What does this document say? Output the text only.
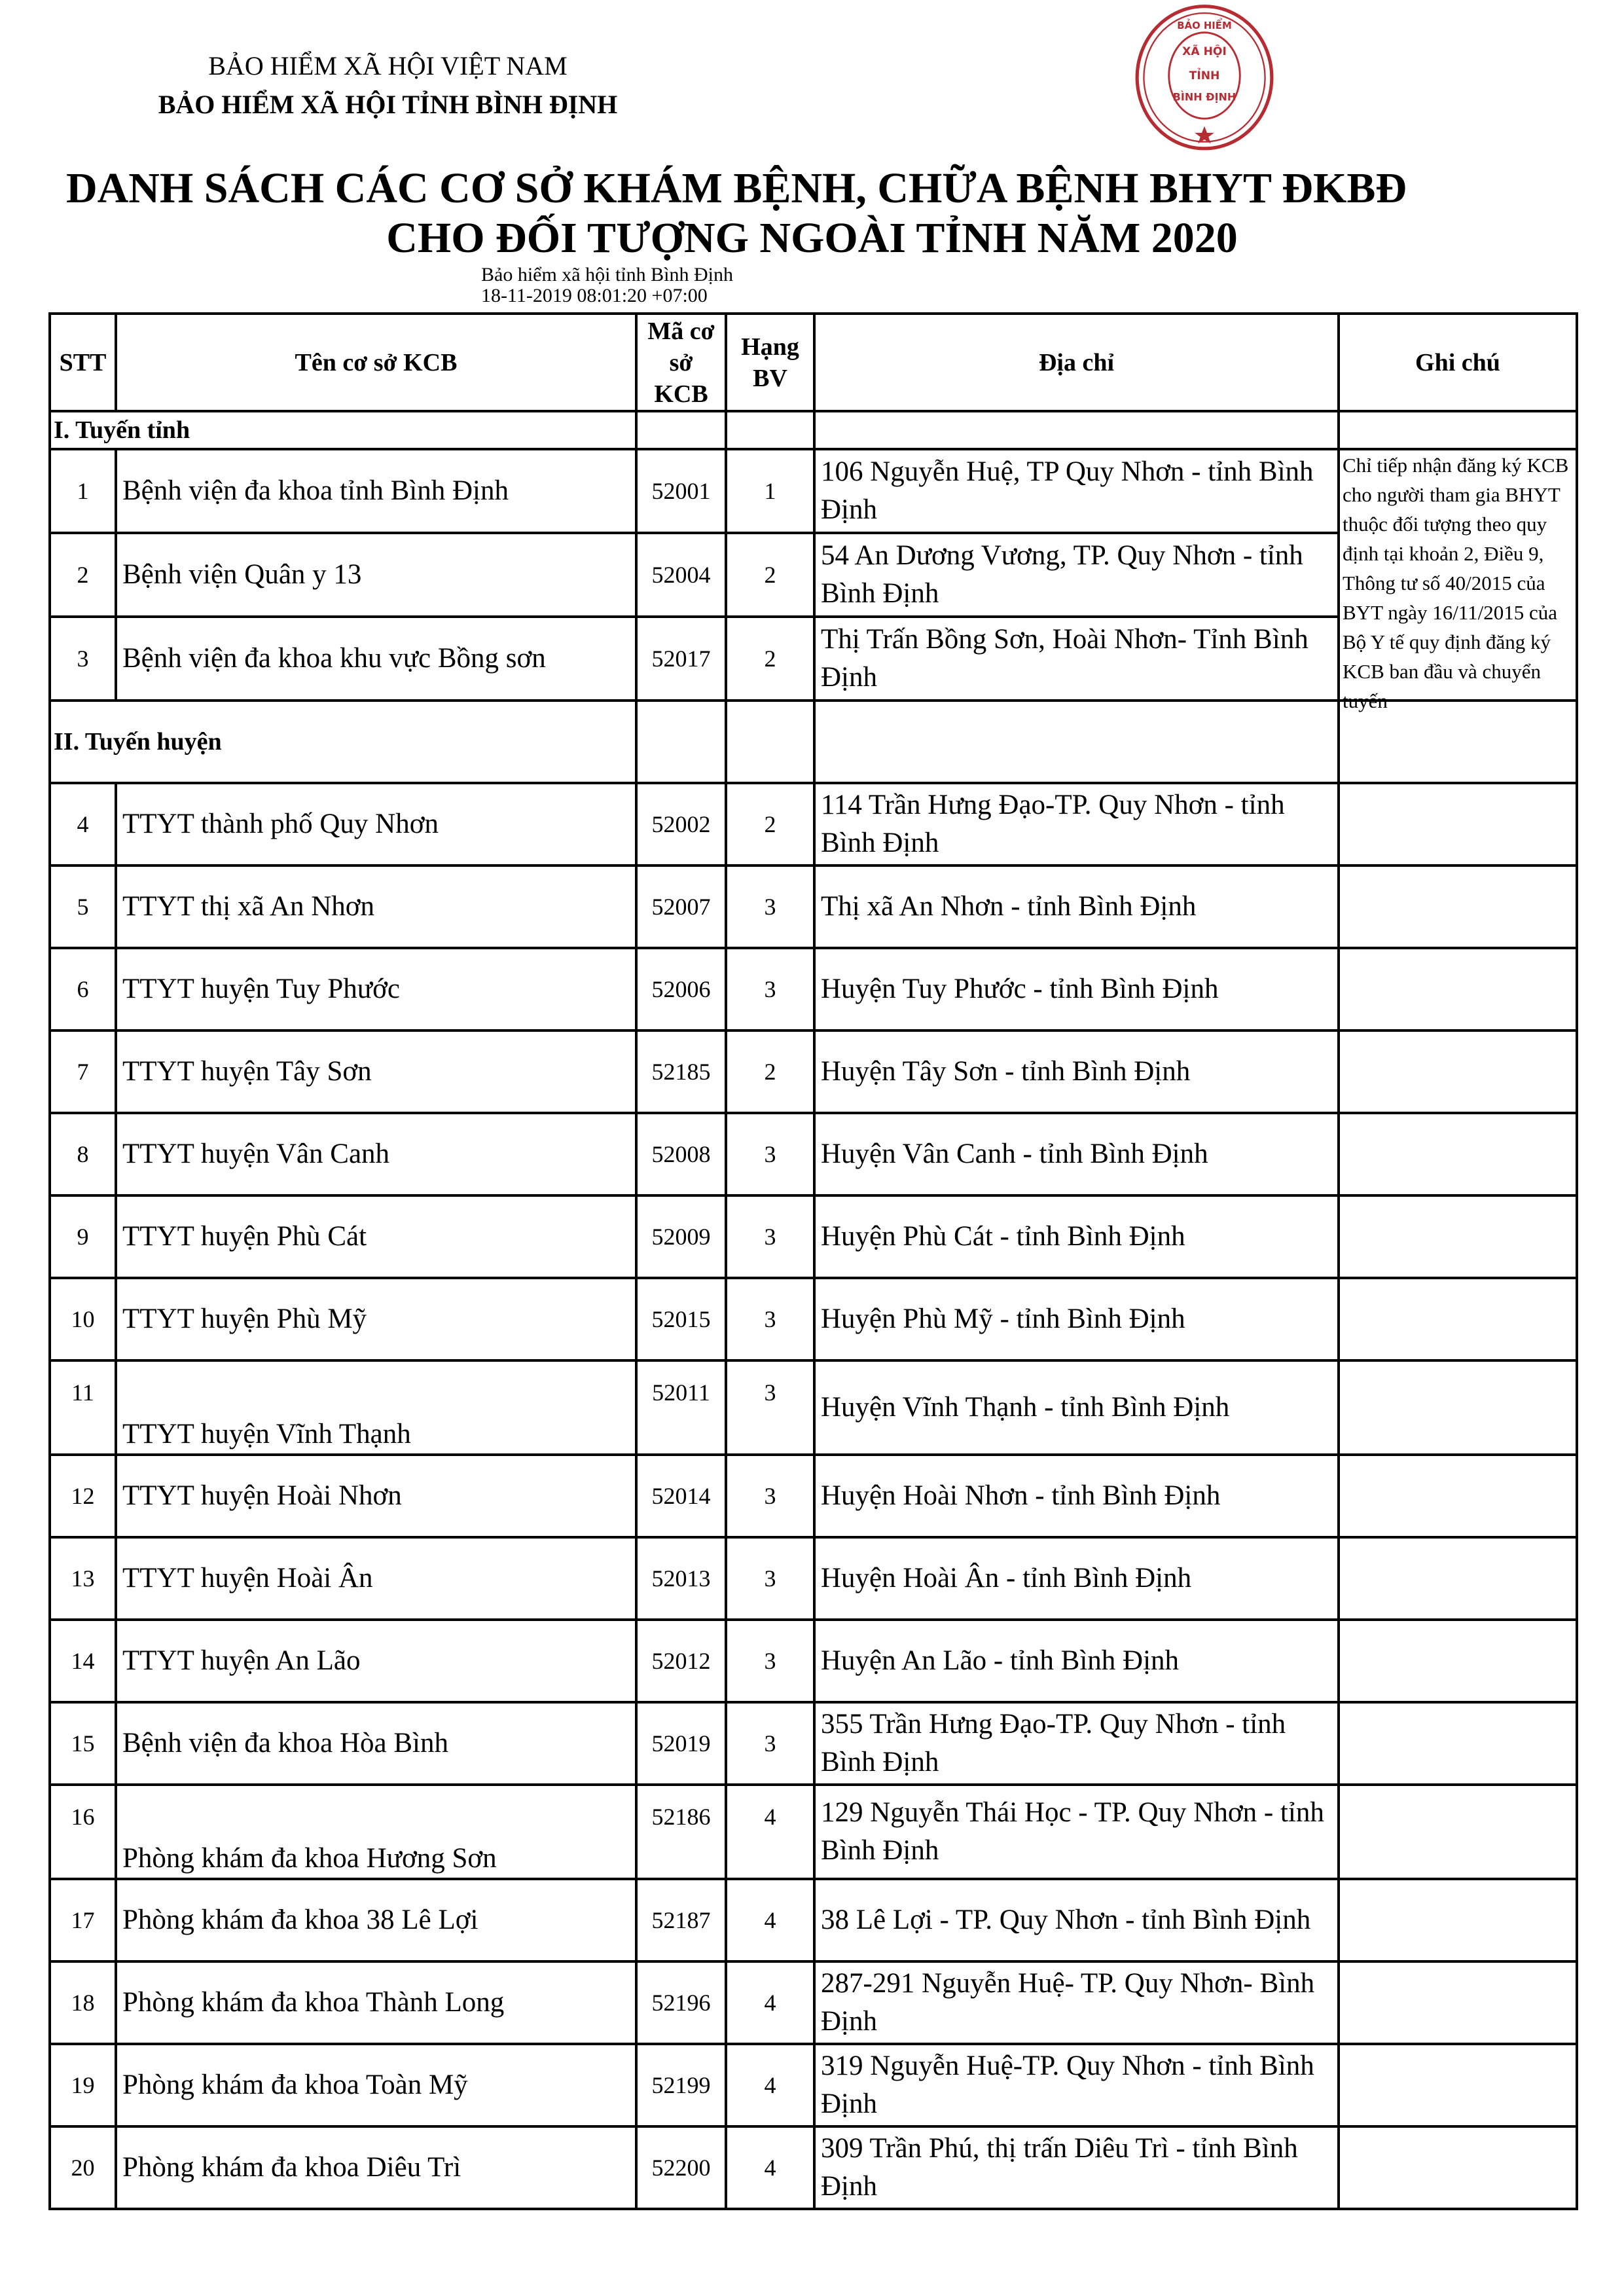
BẢO HIỂM XÃ HỘI VIỆT NAM
BẢO HIỂM XÃ HỘI TỈNH BÌNH ĐỊNH
XÃ HỘI
TỈNH
BÌNH ĐỊNH
BẢO HIỂM
DANH SÁCH CÁC CƠ SỞ KHÁM BỆNH, CHỮA BỆNH BHYT ĐKBĐ
CHO ĐỐI TƯỢNG NGOÀI TỈNH NĂM 2020
Bảo hiểm xã hội tỉnh Bình Định
18-11-2019 08:01:20 +07:00
STT	Tên cơ sở KCB	Mã cơ sở KCB	Hạng BV	Địa chỉ	Ghi chú
I. Tuyến tỉnh					
1	Bệnh viện đa khoa tỉnh Bình Định	52001	1	106 Nguyễn Huệ, TP Quy Nhơn - tỉnh Bình Định	Chỉ tiếp nhận đăng ký KCB cho người tham gia BHYT thuộc đối tượng theo quy định tại khoản 2, Điều 9, Thông tư số 40/2015 của BYT ngày 16/11/2015 của Bộ Y tế quy định đăng ký KCB ban đầu và chuyển tuyến

2	Bệnh viện Quân y 13	52004	2	54 An Dương Vương, TP. Quy Nhơn - tỉnh Bình Định	
3	Bệnh viện đa khoa khu vực Bồng sơn	52017	2	Thị Trấn Bồng Sơn, Hoài Nhơn- Tỉnh Bình Định	
II. Tuyến huyện					
4	TTYT thành phố Quy Nhơn	52002	2	114 Trần Hưng Đạo-TP. Quy Nhơn - tỉnh Bình Định	
5	TTYT thị xã An Nhơn	52007	3	Thị xã An Nhơn - tỉnh Bình Định	
6	TTYT huyện Tuy Phước	52006	3	Huyện Tuy Phước - tỉnh Bình Định	
7	TTYT huyện Tây Sơn	52185	2	Huyện Tây Sơn - tỉnh Bình Định	
8	TTYT huyện Vân Canh	52008	3	Huyện Vân Canh - tỉnh Bình Định	
9	TTYT huyện Phù Cát	52009	3	Huyện Phù Cát - tỉnh Bình Định	
10	TTYT huyện Phù Mỹ	52015	3	Huyện Phù Mỹ - tỉnh Bình Định	
11	TTYT huyện Vĩnh Thạnh	52011	3	Huyện Vĩnh Thạnh - tỉnh Bình Định	
12	TTYT huyện Hoài Nhơn	52014	3	Huyện Hoài Nhơn - tỉnh Bình Định	
13	TTYT huyện Hoài Ân	52013	3	Huyện Hoài Ân - tỉnh Bình Định	
14	TTYT huyện An Lão	52012	3	Huyện An Lão - tỉnh Bình Định	
15	Bệnh viện đa khoa Hòa Bình	52019	3	355 Trần Hưng Đạo-TP. Quy Nhơn - tỉnh Bình Định	
16	Phòng khám đa khoa Hương Sơn	52186	4	129 Nguyễn Thái Học - TP. Quy Nhơn - tỉnh Bình Định	
17	Phòng khám đa khoa 38 Lê Lợi	52187	4	38 Lê Lợi - TP. Quy Nhơn - tỉnh Bình Định	
18	Phòng khám đa khoa Thành Long	52196	4	287-291 Nguyễn Huệ- TP. Quy Nhơn- Bình Định	
19	Phòng khám đa khoa Toàn Mỹ	52199	4	319 Nguyễn Huệ-TP. Quy Nhơn - tỉnh Bình Định	
20	Phòng khám đa khoa Diêu Trì	52200	4	309 Trần Phú, thị trấn Diêu Trì - tỉnh Bình Định	
